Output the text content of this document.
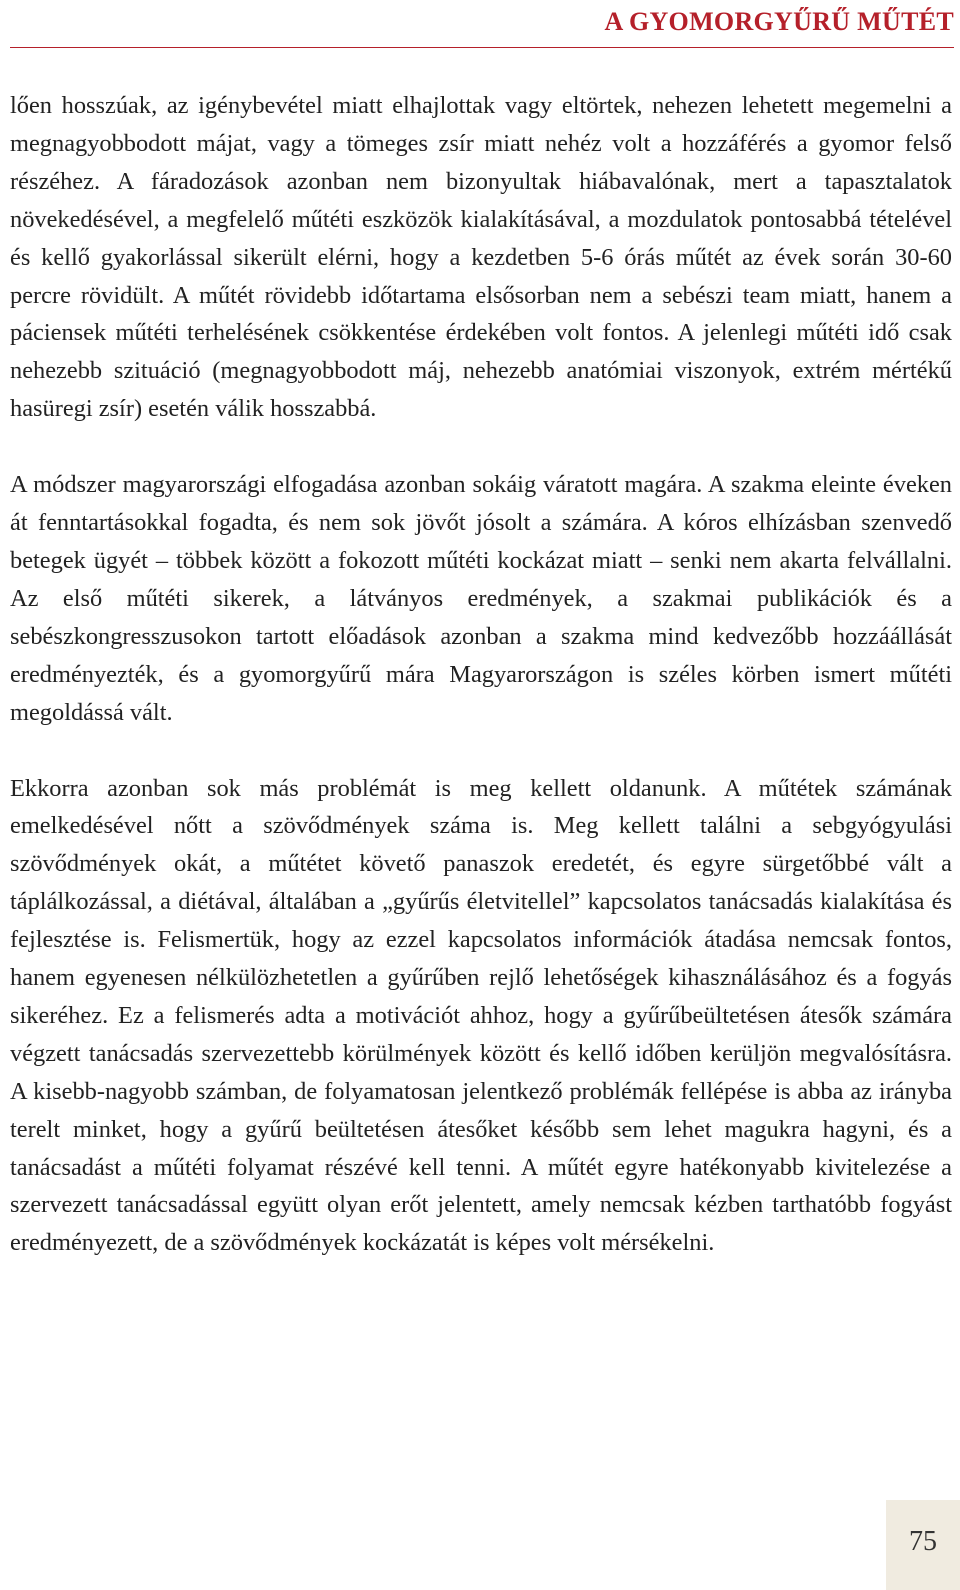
A GYOMORGYŰRŰ MŰTÉT

lően hosszúak, az igénybevétel miatt elhajlottak vagy eltörtek, nehezen lehetett megemelni a megnagyobbodott májat, vagy a tömeges zsír miatt nehéz volt a hozzáférés a gyomor felső részéhez. A fáradozások azonban nem bizonyultak hiábavalónak, mert a tapasztalatok növekedésével, a megfelelő műtéti eszközök kialakításával, a mozdulatok pontosabbá tételével és kellő gyakorlással sikerült elérni, hogy a kezdetben 5-6 órás műtét az évek során 30-60 percre rövidült. A műtét rövidebb időtartama elsősorban nem a sebészi team miatt, hanem a páciensek műtéti terhelésének csökkentése érdekében volt fontos. A jelenlegi műtéti idő csak nehezebb szituáció (megnagyobbodott máj, nehezebb anatómiai viszonyok, extrém mértékű hasüregi zsír) esetén válik hosszabbá.

A módszer magyarországi elfogadása azonban sokáig váratott magára. A szakma eleinte éveken át fenntartásokkal fogadta, és nem sok jövőt jósolt a számára. A kóros elhízásban szenvedő betegek ügyét – többek között a fokozott műtéti kockázat miatt – senki nem akarta felvállalni. Az első műtéti sikerek, a látványos eredmények, a szakmai publikációk és a sebészkongresszusokon tartott előadások azonban a szakma mind kedvezőbb hozzáállását eredményezték, és a gyomorgyűrű mára Magyarországon is széles körben ismert műtéti megoldássá vált.

Ekkorra azonban sok más problémát is meg kellett oldanunk. A műtétek számának emelkedésével nőtt a szövődmények száma is. Meg kellett találni a sebgyógyulási szövődmények okát, a műtétet követő panaszok eredetét, és egyre sürgetőbbé vált a táplálkozással, a diétával, általában a „gyűrűs életvitellel” kapcsolatos tanácsadás kialakítása és fejlesztése is. Felismertük, hogy az ezzel kapcsolatos információk átadása nemcsak fontos, hanem egyenesen nélkülözhetetlen a gyűrűben rejlő lehetőségek kihasználásához és a fogyás sikeréhez. Ez a felismerés adta a motivációt ahhoz, hogy a gyűrűbeültetésen átesők számára végzett tanácsadás szervezettebb körülmények között és kellő időben kerüljön megvalósításra. A kisebb-nagyobb számban, de folyamatosan jelentkező problémák fellépése is abba az irányba terelt minket, hogy a gyűrű beültetésen átesőket később sem lehet magukra hagyni, és a tanácsadást a műtéti folyamat részévé kell tenni. A műtét egyre hatékonyabb kivitelezése a szervezett tanácsadással együtt olyan erőt jelentett, amely nemcsak kézben tarthatóbb fogyást eredményezett, de a szövődmények kockázatát is képes volt mérsékelni.

75
